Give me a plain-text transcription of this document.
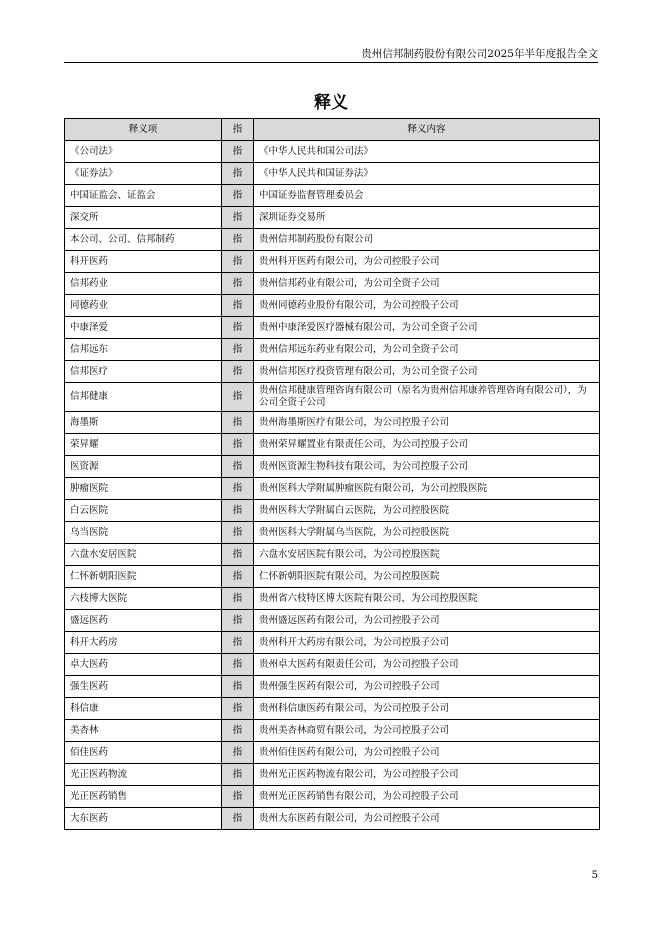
贵州信邦制药股份有限公司2025年半年度报告全文
释义
释义项	指	释义内容
《公司法》	指	《中华人民共和国公司法》
《证券法》	指	《中华人民共和国证券法》
中国证监会、证监会	指	中国证券监督管理委员会
深交所	指	深圳证券交易所
本公司、公司、信邦制药	指	贵州信邦制药股份有限公司
科开医药	指	贵州科开医药有限公司，为公司控股子公司
信邦药业	指	贵州信邦药业有限公司，为公司全资子公司
同德药业	指	贵州同德药业股份有限公司，为公司控股子公司
中康泽爱	指	贵州中康泽爱医疗器械有限公司，为公司全资子公司
信邦远东	指	贵州信邦远东药业有限公司，为公司全资子公司
信邦医疗	指	贵州信邦医疗投资管理有限公司，为公司全资子公司
信邦健康	指	贵州信邦健康管理咨询有限公司（原名为贵州信邦康养管理咨询有限公司），为公司全资子公司
海墨斯	指	贵州海墨斯医疗有限公司，为公司控股子公司
荣昇耀	指	贵州荣昇耀置业有限责任公司，为公司控股子公司
医资源	指	贵州医资源生物科技有限公司，为公司控股子公司
肿瘤医院	指	贵州医科大学附属肿瘤医院有限公司，为公司控股医院
白云医院	指	贵州医科大学附属白云医院，为公司控股医院
乌当医院	指	贵州医科大学附属乌当医院，为公司控股医院
六盘水安居医院	指	六盘水安居医院有限公司，为公司控股医院
仁怀新朝阳医院	指	仁怀新朝阳医院有限公司，为公司控股医院
六枝博大医院	指	贵州省六枝特区博大医院有限公司，为公司控股医院
盛远医药	指	贵州盛远医药有限公司，为公司控股子公司
科开大药房	指	贵州科开大药房有限公司，为公司控股子公司
卓大医药	指	贵州卓大医药有限责任公司，为公司控股子公司
强生医药	指	贵州强生医药有限公司，为公司控股子公司
科信康	指	贵州科信康医药有限公司，为公司控股子公司
美杏林	指	贵州美杏林商贸有限公司，为公司控股子公司
佰佳医药	指	贵州佰佳医药有限公司，为公司控股子公司
光正医药物流	指	贵州光正医药物流有限公司，为公司控股子公司
光正医药销售	指	贵州光正医药销售有限公司，为公司控股子公司
大东医药	指	贵州大东医药有限公司，为公司控股子公司
5
